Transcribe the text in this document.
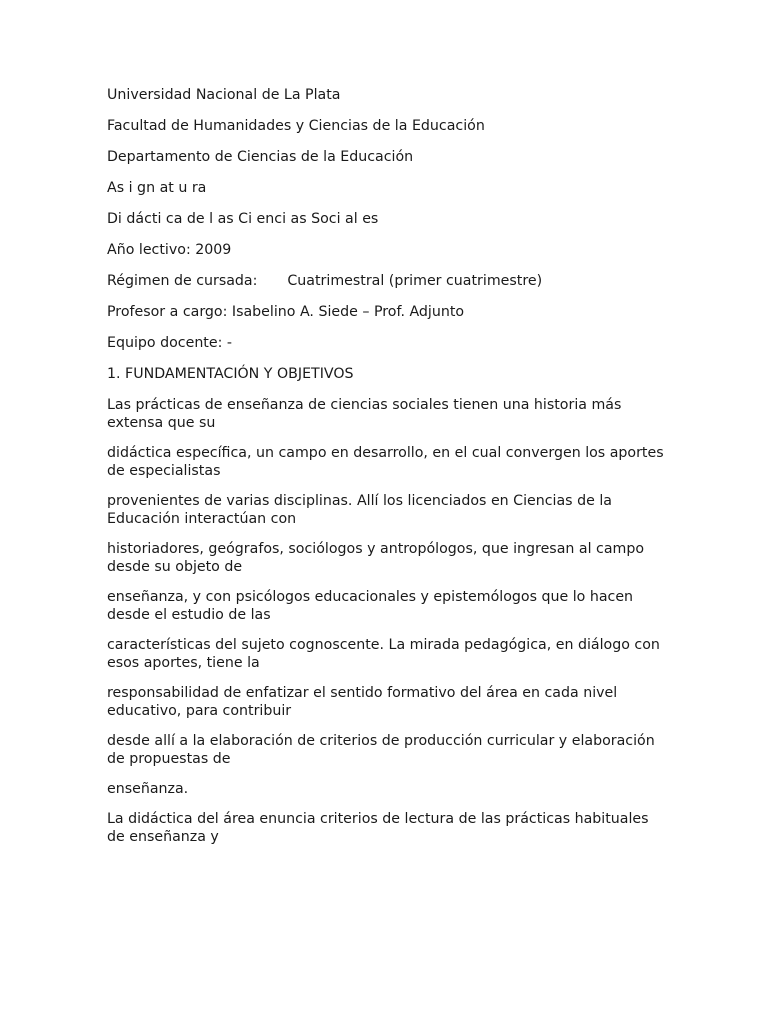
Universidad Nacional de La Plata

Facultad de Humanidades y Ciencias de la Educación

Departamento de Ciencias de la Educación

As i gn at u ra

Di dácti ca de l as Ci enci as Soci al es

Año lectivo: 2009

Régimen de cursada: Cuatrimestral (primer cuatrimestre)

Profesor a cargo: Isabelino A. Siede – Prof. Adjunto

Equipo docente: -

1. FUNDAMENTACIÓN Y OBJETIVOS

Las prácticas de enseñanza de ciencias sociales tienen una historia más extensa que su

didáctica específica, un campo en desarrollo, en el cual convergen los aportes de especialistas

provenientes de varias disciplinas. Allí los licenciados en Ciencias de la Educación interactúan con

historiadores, geógrafos, sociólogos y antropólogos, que ingresan al campo desde su objeto de

enseñanza, y con psicólogos educacionales y epistemólogos que lo hacen desde el estudio de las

características del sujeto cognoscente. La mirada pedagógica, en diálogo con esos aportes, tiene la

responsabilidad de enfatizar el sentido formativo del área en cada nivel educativo, para contribuir

desde allí a la elaboración de criterios de producción curricular y elaboración de propuestas de

enseñanza.

La didáctica del área enuncia criterios de lectura de las prácticas habituales de enseñanza y
